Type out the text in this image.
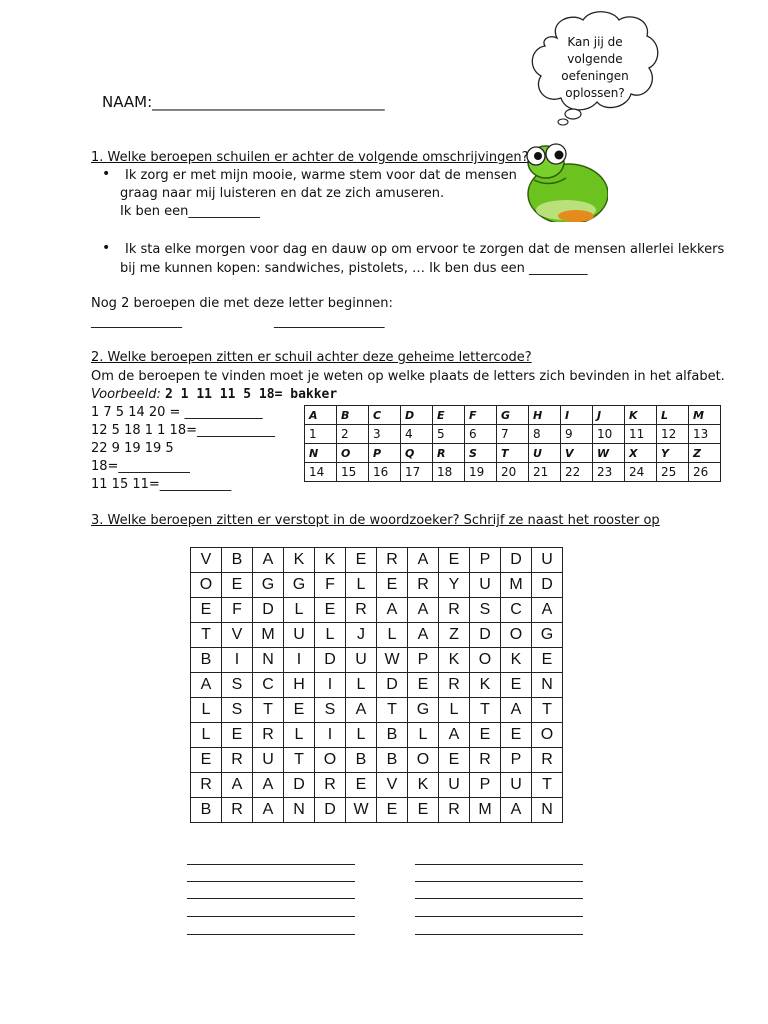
Kan jij de volgende oefeningen oplossen?
NAAM:_______________________________
1. Welke beroepen schuilen er achter de volgende omschrijvingen?
• Ik zorg er met mijn mooie, warme stem voor dat de mensen
graag naar mij luisteren en dat ze zich amuseren.
Ik ben een___________
• Ik sta elke morgen voor dag en dauw op om ervoor te zorgen dat de mensen allerlei lekkers
bij me kunnen kopen: sandwiches, pistolets, … Ik ben dus een _________
Nog 2 beroepen die met deze letter beginnen:
______________	_________________
2. Welke beroepen zitten er schuil achter deze geheime lettercode?
Om de beroepen te vinden moet je weten op welke plaats de letters zich bevinden in het alfabet.
Voorbeeld: 2 1 11 11 5 18= bakker
1 7 5 14 20 = ____________
12 5 18 1 1 18=____________
22 9 19 19 5
18=___________
11 15 11=___________
A	B	C	D	E	F	G	H	I	J	K	L	M
1	2	3	4	5	6	7	8	9	10	11	12	13
N	O	P	Q	R	S	T	U	V	W	X	Y	Z
14	15	16	17	18	19	20	21	22	23	24	25	26
3. Welke beroepen zitten er verstopt in de woordzoeker? Schrijf ze naast het rooster op
V	B	A	K	K	E	R	A	E	P	D	U
O	E	G	G	F	L	E	R	Y	U	M	D
E	F	D	L	E	R	A	A	R	S	C	A
T	V	M	U	L	J	L	A	Z	D	O	G
B	I	N	I	D	U	W	P	K	O	K	E
A	S	C	H	I	L	D	E	R	K	E	N
L	S	T	E	S	A	T	G	L	T	A	T
L	E	R	L	I	L	B	L	A	E	E	O
E	R	U	T	O	B	B	O	E	R	P	R
R	A	A	D	R	E	V	K	U	P	U	T
B	R	A	N	D	W	E	E	R	M	A	N
